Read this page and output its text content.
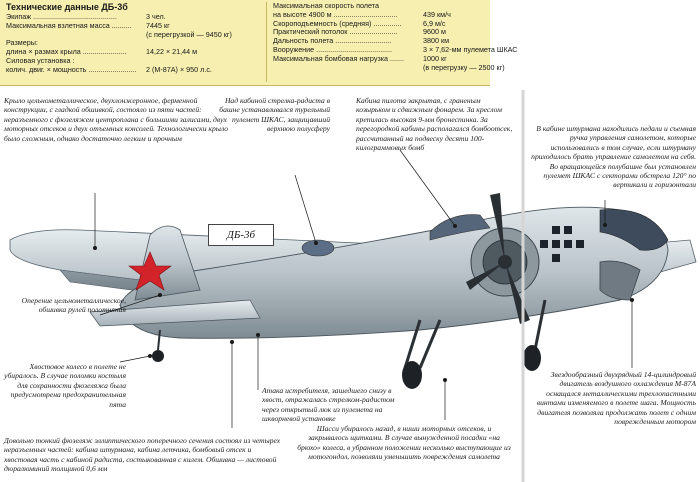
Технические данные ДБ-3б
Экипаж ..........................................	3 чел.
Максимальная взлетная масса .......... 7445 кг
(с перегрузкой — 9450 кг)
Размеры:
длина × размах крыла ......................	14,22 × 21,44 м
Силовая установка :
колич. двиг. × мощность ........................ 2 (М-87А) × 950 л.с.
Максимальная скорость полета
на высоте 4900 м ................................	439 км/ч
Скороподъемность (средняя) ..............	6,9 м/с
Практический потолок ........................	9600 м
Дальность полета ............................	3800 км
Вооружение ......................................	3 × 7,62-мм пулемета ШКАС
Максимальная бомбовая нагрузка .......	1000 кг
(в перегрузку — 2500 кг)
ДБ-3б
Крыло цельнометаллическое, двухлонжеронное, ферменной конструкции, с гладкой обшивкой, состояло из пяти частей: неразъемного с фюзеляжем центроплана с большими залисами, двух моторных отсеков и двух отъемных консолей. Технологически крыло было сложным, однако достаточно легким и прочным
Над кабиной стрелка-радиста в башне устанавливался турельный пулемет ШКАС, защищавший верхнюю полусферу
Кабина пилота закрытая, с граненым козырьком и сдвижным фонарем. За креслом крепилась высокая 9-мм бронеспинка. За перегородкой кабины располагался бомбоотсек, рассчитанный на подвеску десяти 100-килограммовых бомб
В кабине штурмана находились педали и съемная ручка управления самолетом, которые использовались в том случае, если штурману приходилось брать управление самолетом на себя. Во вращающейся полубашне был установлен пулемет ШКАС с секторами обстрела 120° по вертикали и горизонтали
Оперение цельнометаллическое, обшивка рулей полотняная
Хвостовое колесо в полете не убиралось. В случае поломки костыля для сохранности фюзеляжа была предусмотрена предохранительная пята
Атака истребителя, зашедшего снизу в хвост, отражалась стрелком-радистом через открытый люк из пулемета на шкворневой установке
Довольно тонкий фюзеляж эллиптического поперечного сечения состоял из четырех неразъемных частей: кабина штурмана, кабина летчика, бомбовый отсек и хвостовая часть с кабиной радиста, состыкованная с килем. Обшивка — листовой дюралюминий толщиной 0,6 мм
Шасси убиралось назад, в ниши моторных отсеков, и закрывалось щитками. В случае вынужденной посадки «на брюхо» колеса, в убранном положении несколько выступающие из мотогондол, позволяли уменьшить повреждения самолета
Звездообразный двухрядный 14-цилиндровый двигатель воздушного охлаждения М-87А оснащался металлическими трехлопастными винтами изменяемого в полете шага. Мощность двигателя позволяла продолжать полет с одним поврежденным мотором
